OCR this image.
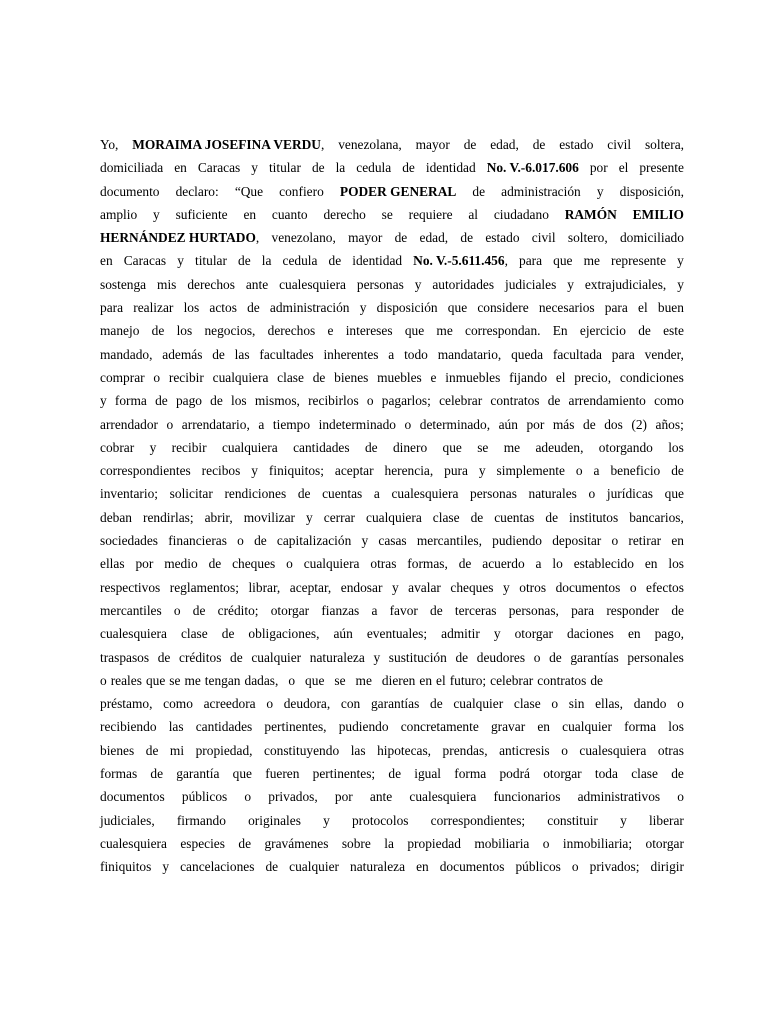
Yo, MORAIMA JOSEFINA VERDU, venezolana, mayor de edad, de estado civil soltera,
domiciliada en Caracas y titular de la cedula de identidad No. V.-6.017.606 por el presente
documento declaro: “Que confiero PODER GENERAL de administración y disposición,
amplio y suficiente en cuanto derecho se requiere al ciudadano RAMÓN EMILIO
HERNÁNDEZ HURTADO, venezolano, mayor de edad, de estado civil soltero, domiciliado
en Caracas y titular de la cedula de identidad No. V.-5.611.456, para que me represente y
sostenga mis derechos ante cualesquiera personas y autoridades judiciales y extrajudiciales, y
para realizar los actos de administración y disposición que considere necesarios para el buen
manejo de los negocios, derechos e intereses que me correspondan. En ejercicio de este
mandado, además de las facultades inherentes a todo mandatario, queda facultada para vender,
comprar o recibir cualquiera clase de bienes muebles e inmuebles fijando el precio, condiciones
y forma de pago de los mismos, recibirlos o pagarlos; celebrar contratos de arrendamiento como
arrendador o arrendatario, a tiempo indeterminado o determinado, aún por más de dos (2) años;
cobrar y recibir cualquiera cantidades de dinero que se me adeuden, otorgando los
correspondientes recibos y finiquitos; aceptar herencia, pura y simplemente o a beneficio de
inventario; solicitar rendiciones de cuentas a cualesquiera personas naturales o jurídicas que
deban rendirlas; abrir, movilizar y cerrar cualquiera clase de cuentas de institutos bancarios,
sociedades financieras o de capitalización y casas mercantiles, pudiendo depositar o retirar en
ellas por medio de cheques o cualquiera otras formas, de acuerdo a lo establecido en los
respectivos reglamentos; librar, aceptar, endosar y avalar cheques y otros documentos o efectos
mercantiles o de crédito; otorgar fianzas a favor de terceras personas, para responder de
cualesquiera clase de obligaciones, aún eventuales; admitir y otorgar daciones en pago,
traspasos de créditos de cualquier naturaleza y sustitución de deudores o de garantías personales
o reales que se me tengan dadas, o que se me dieren en el futuro; celebrar contratos de
préstamo, como acreedora o deudora, con garantías de cualquier clase o sin ellas, dando o
recibiendo las cantidades pertinentes, pudiendo concretamente gravar en cualquier forma los
bienes de mi propiedad, constituyendo las hipotecas, prendas, anticresis o cualesquiera otras
formas de garantía que fueren pertinentes; de igual forma podrá otorgar toda clase de
documentos públicos o privados, por ante cualesquiera funcionarios administrativos o
judiciales, firmando originales y protocolos correspondientes; constituir y liberar
cualesquiera especies de gravámenes sobre la propiedad mobiliaria o inmobiliaria; otorgar
finiquitos y cancelaciones de cualquier naturaleza en documentos públicos o privados; dirigir
